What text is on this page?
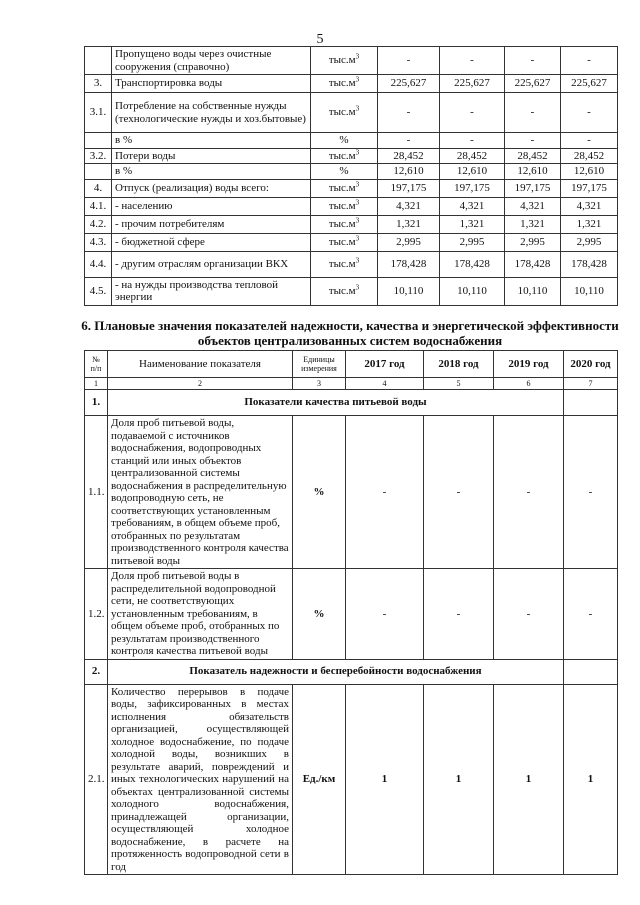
5
	Пропущено воды через очистные сооружения (справочно)	$тыс.м^3$	-	-	-	-
3.	Транспортировка воды	$тыс.м^3$	225,627	225,627	225,627	225,627
3.1.	Потребление на собственные нужды (технологические нужды и хоз.бытовые)	$тыс.м^3$	-	-	-	-
	в %	%	-	-	-	-
3.2.	Потери воды	$тыс.м^3$	28,452	28,452	28,452	28,452
	в %	%	12,610	12,610	12,610	12,610
4.	Отпуск (реализация) воды всего:	$тыс.м^3$	197,175	197,175	197,175	197,175
4.1.	- населению	$тыс.м^3$	4,321	4,321	4,321	4,321
4.2.	- прочим потребителям	$тыс.м^3$	1,321	1,321	1,321	1,321
4.3.	- бюджетной сфере	$тыс.м^3$	2,995	2,995	2,995	2,995
4.4.	- другим отраслям организации ВКХ	$тыс.м^3$	178,428	178,428	178,428	178,428
4.5.	- на нужды производства тепловой энергии	$тыс.м^3$	10,110	10,110	10,110	10,110
6. Плановые значения показателей надежности, качества и энергетической эффективности объектов централизованных систем водоснабжения
№ п/п	Наименование показателя	Единицы измерения	2017 год	2018 год	2019 год	2020 год
1	2	3	4	5	6	7
1.	Показатели качества питьевой воды					
1.1.	Доля проб питьевой воды, подаваемой с источников водоснабжения, водопроводных станций или иных объектов централизованной системы водоснабжения в распределительную водопроводную сеть, не соответствующих установленным требованиям, в общем объеме проб, отобранных по результатам производственного контроля качества питьевой воды	%	-	-	-	-
1.2.	Доля проб питьевой воды в распределительной водопроводной сети, не соответствующих установленным требованиям, в общем объеме проб, отобранных по результатам производственного контроля качества питьевой воды	%	-	-	-	-
2.	Показатель надежности и бесперебойности водоснабжения					
2.1.	Количество перерывов в подаче воды, зафиксированных в местах исполнения обязательств организацией, осуществляющей холодное водоснабжение, по подаче холодной воды, возникших в результате аварий, повреждений и иных технологических нарушений на объектах централизованной системы холодного водоснабжения, принадлежащей организации, осуществляющей холодное водоснабжение, в расчете на протяженность водопроводной сети в год	Ед./км	1	1	1	1
